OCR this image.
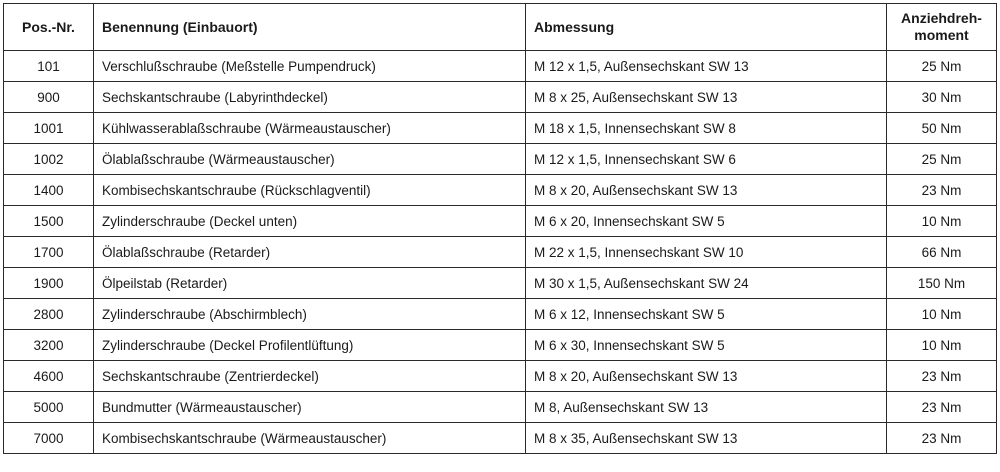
Pos.-Nr.	Benennung (Einbauort)	Abmessung	Anziehdreh-
moment

101	Verschlußschraube (Meßstelle Pumpendruck)	M 12 x 1,5, Außensechskant SW 13	25 Nm
900	Sechskantschraube (Labyrinthdeckel)	M 8 x 25, Außensechskant SW 13	30 Nm
1001	Kühlwasserablaßschraube (Wärmeaustauscher)	M 18 x 1,5, Innensechskant SW 8	50 Nm
1002	Ölablaßschraube (Wärmeaustauscher)	M 12 x 1,5, Innensechskant SW 6	25 Nm
1400	Kombisechskantschraube (Rückschlagventil)	M 8 x 20, Außensechskant SW 13	23 Nm
1500	Zylinderschraube (Deckel unten)	M 6 x 20, Innensechskant SW 5	10 Nm
1700	Ölablaßschraube (Retarder)	M 22 x 1,5, Innensechskant SW 10	66 Nm
1900	Ölpeilstab (Retarder)	M 30 x 1,5, Außensechskant SW 24	150 Nm
2800	Zylinderschraube (Abschirmblech)	M 6 x 12, Innensechskant SW 5	10 Nm
3200	Zylinderschraube (Deckel Profilentlüftung)	M 6 x 30, Innensechskant SW 5	10 Nm
4600	Sechskantschraube (Zentrierdeckel)	M 8 x 20, Außensechskant SW 13	23 Nm
5000	Bundmutter (Wärmeaustauscher)	M 8, Außensechskant SW 13	23 Nm
7000	Kombisechskantschraube (Wärmeaustauscher)	M 8 x 35, Außensechskant SW 13	23 Nm
